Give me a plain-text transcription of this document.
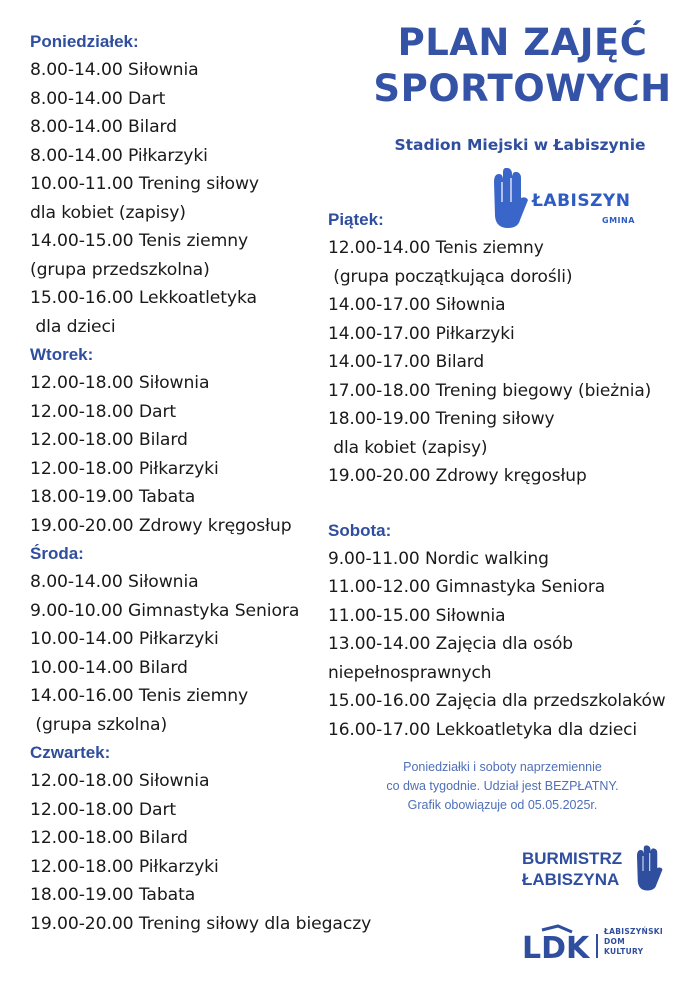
PLAN ZAJĘĆ
SPORTOWYCH
Stadion Miejski w Łabiszynie
ŁABISZYN
GMINA
Poniedziałek:
8.00-14.00 Siłownia
8.00-14.00 Dart
8.00-14.00 Bilard
8.00-14.00 Piłkarzyki
10.00-11.00 Trening siłowy
dla kobiet (zapisy)
14.00-15.00 Tenis ziemny
(grupa przedszkolna)
15.00-16.00 Lekkoatletyka
dla dzieci
Wtorek:
12.00-18.00 Siłownia
12.00-18.00 Dart
12.00-18.00 Bilard
12.00-18.00 Piłkarzyki
18.00-19.00 Tabata
19.00-20.00 Zdrowy kręgosłup
Środa:
8.00-14.00 Siłownia
9.00-10.00 Gimnastyka Seniora
10.00-14.00 Piłkarzyki
10.00-14.00 Bilard
14.00-16.00 Tenis ziemny
(grupa szkolna)
Czwartek:
12.00-18.00 Siłownia
12.00-18.00 Dart
12.00-18.00 Bilard
12.00-18.00 Piłkarzyki
18.00-19.00 Tabata
19.00-20.00 Trening siłowy dla biegaczy
Piątek:
12.00-14.00 Tenis ziemny
(grupa początkująca dorośli)
14.00-17.00 Siłownia
14.00-17.00 Piłkarzyki
14.00-17.00 Bilard
17.00-18.00 Trening biegowy (bieżnia)
18.00-19.00 Trening siłowy
dla kobiet (zapisy)
19.00-20.00 Zdrowy kręgosłup
Sobota:
9.00-11.00 Nordic walking
11.00-12.00 Gimnastyka Seniora
11.00-15.00 Siłownia
13.00-14.00 Zajęcia dla osób
niepełnosprawnych
15.00-16.00 Zajęcia dla przedszkolaków
16.00-17.00 Lekkoatletyka dla dzieci
Poniedziałki i soboty naprzemiennie
co dwa tygodnie. Udział jest BEZPŁATNY.
Grafik obowiązuje od 05.05.2025r.
BURMISTRZ
ŁABISZYNA
LDK ŁABISZYŃSKI
DOM
KULTURY
